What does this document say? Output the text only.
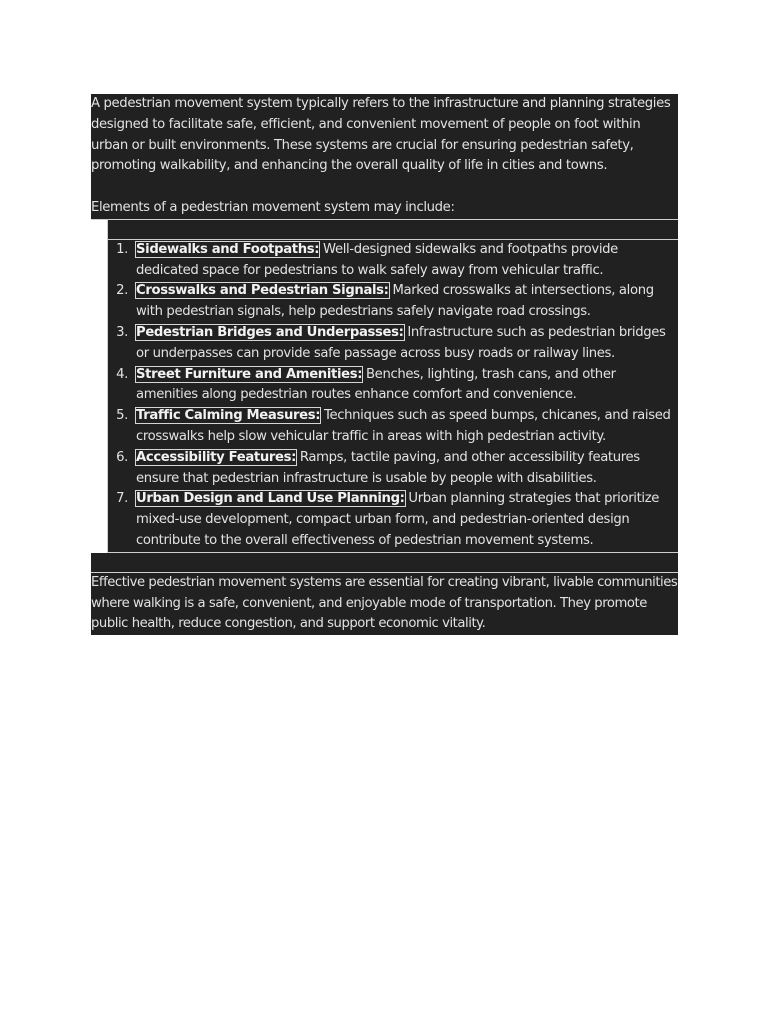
A pedestrian movement system typically refers to the infrastructure and planning strategies designed to facilitate safe, efficient, and convenient movement of people on foot within urban or built environments. These systems are crucial for ensuring pedestrian safety, promoting walkability, and enhancing the overall quality of life in cities and towns.

Elements of a pedestrian movement system may include:

1. Sidewalks and Footpaths: Well-designed sidewalks and footpaths provide dedicated space for pedestrians to walk safely away from vehicular traffic.
2. Crosswalks and Pedestrian Signals: Marked crosswalks at intersections, along with pedestrian signals, help pedestrians safely navigate road crossings.
3. Pedestrian Bridges and Underpasses: Infrastructure such as pedestrian bridges or underpasses can provide safe passage across busy roads or railway lines.
4. Street Furniture and Amenities: Benches, lighting, trash cans, and other amenities along pedestrian routes enhance comfort and convenience.
5. Traffic Calming Measures: Techniques such as speed bumps, chicanes, and raised crosswalks help slow vehicular traffic in areas with high pedestrian activity.
6. Accessibility Features: Ramps, tactile paving, and other accessibility features ensure that pedestrian infrastructure is usable by people with disabilities.
7. Urban Design and Land Use Planning: Urban planning strategies that prioritize mixed-use development, compact urban form, and pedestrian-oriented design contribute to the overall effectiveness of pedestrian movement systems.

Effective pedestrian movement systems are essential for creating vibrant, livable communities where walking is a safe, convenient, and enjoyable mode of transportation. They promote public health, reduce congestion, and support economic vitality.
